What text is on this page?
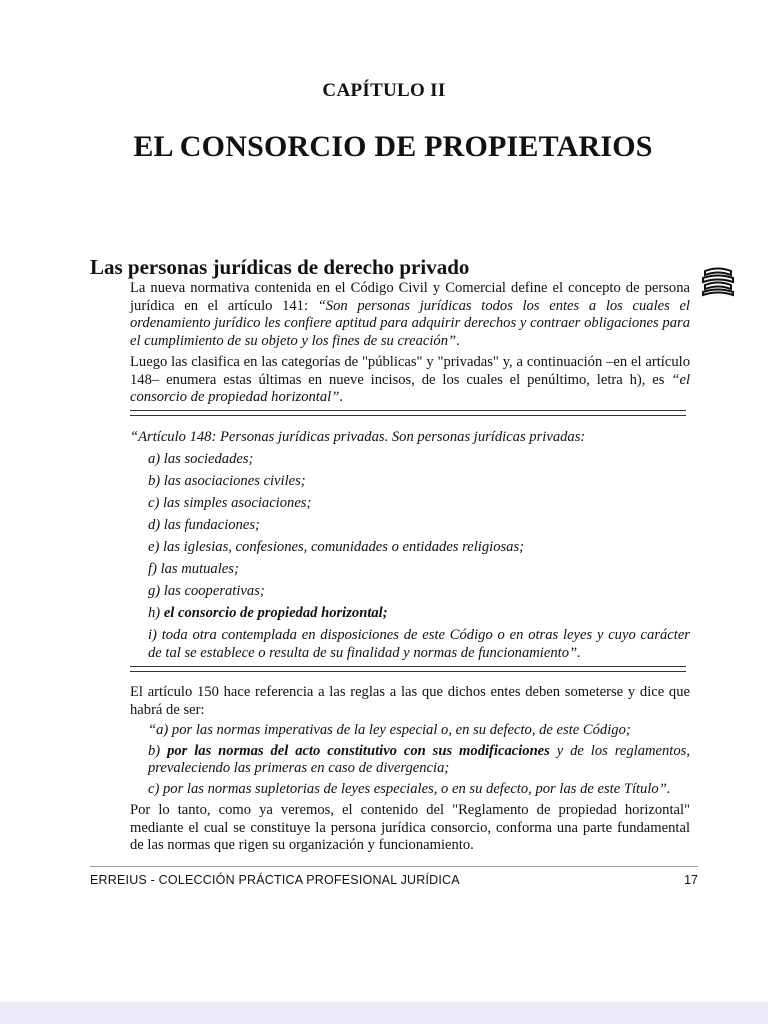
CAPÍTULO II
EL CONSORCIO DE PROPIETARIOS
Las personas jurídicas de derecho privado

La nueva normativa contenida en el Código Civil y Comercial define el concepto de persona jurídica en el artículo 141: “Son personas jurídicas todos los entes a los cuales el ordenamiento jurídico les confiere aptitud para adquirir derechos y contraer obligaciones para el cumplimiento de su objeto y los fines de su creación”.

Luego las clasifica en las categorías de "públicas" y "privadas" y, a continuación –en el artículo 148– enumera estas últimas en nueve incisos, de los cuales el penúltimo, letra h), es “el consorcio de propiedad horizontal”.

“Artículo 148: Personas jurídicas privadas. Son personas jurídicas privadas:

a) las sociedades;

b) las asociaciones civiles;

c) las simples asociaciones;

d) las fundaciones;

e) las iglesias, confesiones, comunidades o entidades religiosas;

f) las mutuales;

g) las cooperativas;

h) el consorcio de propiedad horizontal;

i) toda otra contemplada en disposiciones de este Código o en otras leyes y cuyo carácter de tal se establece o resulta de su finalidad y normas de funcionamiento”.

El artículo 150 hace referencia a las reglas a las que dichos entes deben someterse y dice que habrá de ser:

“a) por las normas imperativas de la ley especial o, en su defecto, de este Código;

b) por las normas del acto constitutivo con sus modificaciones y de los reglamentos, prevaleciendo las primeras en caso de divergencia;

c) por las normas supletorias de leyes especiales, o en su defecto, por las de este Título”.

Por lo tanto, como ya veremos, el contenido del "Reglamento de propiedad horizontal" mediante el cual se constituye la persona jurídica consorcio, conforma una parte fundamental de las normas que rigen su organización y funcionamiento.

ERREIUS - COLECCIÓN PRÁCTICA PROFESIONAL JURÍDICA	17
